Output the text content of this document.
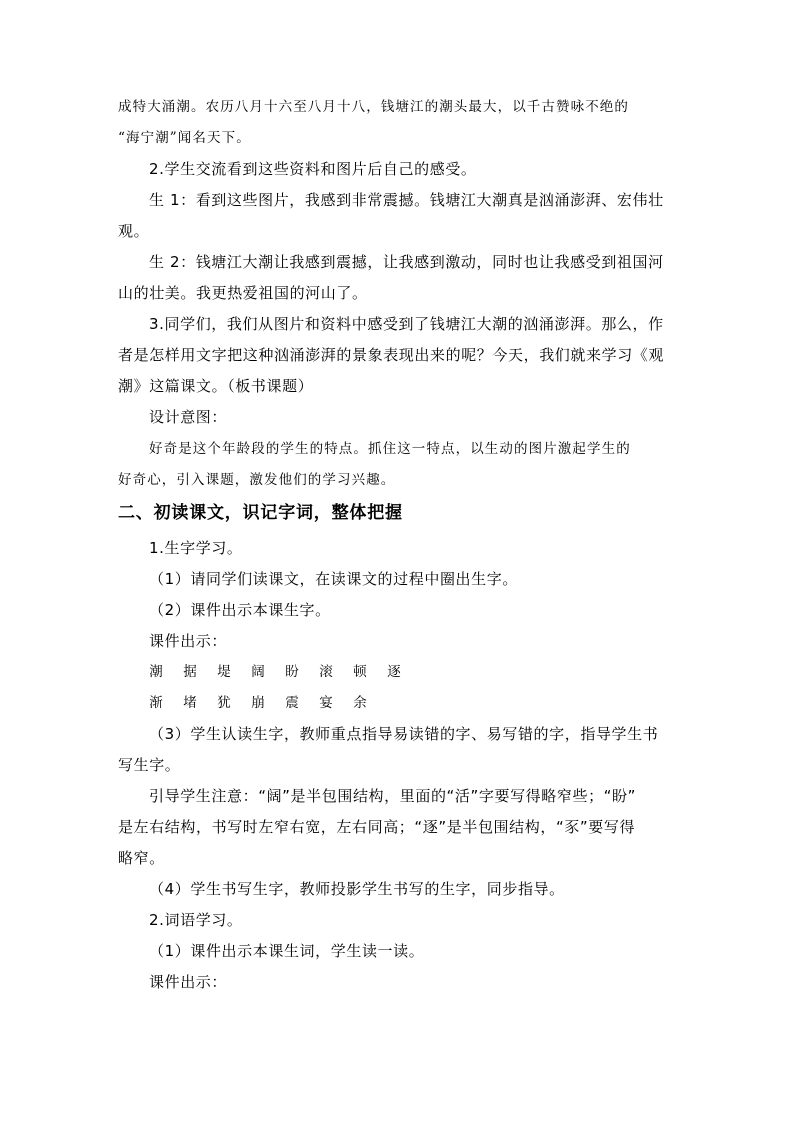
成特大涌潮。农历八月十六至八月十八，钱塘江的潮头最大，以千古赞咏不绝的
“海宁潮”闻名天下。
2.学生交流看到这些资料和图片后自己的感受。
生 1：看到这些图片，我感到非常震撼。钱塘江大潮真是汹涌澎湃、宏伟壮
观。
生 2：钱塘江大潮让我感到震撼，让我感到激动，同时也让我感受到祖国河
山的壮美。我更热爱祖国的河山了。
3.同学们，我们从图片和资料中感受到了钱塘江大潮的汹涌澎湃。那么，作
者是怎样用文字把这种汹涌澎湃的景象表现出来的呢？今天，我们就来学习《观
潮》这篇课文。（板书课题）
设计意图：
好奇是这个年龄段的学生的特点。抓住这一特点，以生动的图片激起学生的
好奇心，引入课题，激发他们的学习兴趣。
二、初读课文，识记字词，整体把握
1.生字学习。
（1）请同学们读课文，在读课文的过程中圈出生字。
（2）课件出示本课生字。
课件出示：
潮 据 堤 阔 盼 滚 顿 逐
渐 堵 犹 崩 震 宴 余
（3）学生认读生字，教师重点指导易读错的字、易写错的字，指导学生书
写生字。
引导学生注意：“阔”是半包围结构，里面的“活”字要写得略窄些；“盼”
是左右结构，书写时左窄右宽，左右同高；“逐”是半包围结构，“豕”要写得
略窄。
（4）学生书写生字，教师投影学生书写的生字，同步指导。
2.词语学习。
（1）课件出示本课生词，学生读一读。
课件出示：
